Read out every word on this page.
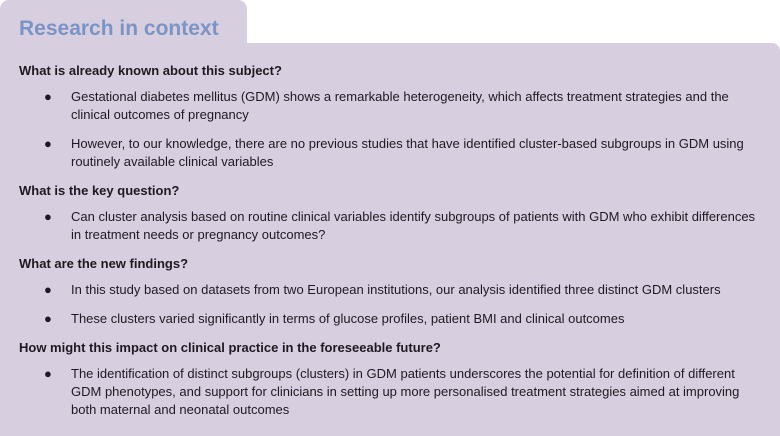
Research in context
What is already known about this subject?
● Gestational diabetes mellitus (GDM) shows a remarkable heterogeneity, which affects treatment strategies and the clinical outcomes of pregnancy
● However, to our knowledge, there are no previous studies that have identified cluster-based subgroups in GDM using routinely available clinical variables
What is the key question?
● Can cluster analysis based on routine clinical variables identify subgroups of patients with GDM who exhibit differences in treatment needs or pregnancy outcomes?
What are the new findings?
● In this study based on datasets from two European institutions, our analysis identified three distinct GDM clusters
● These clusters varied significantly in terms of glucose profiles, patient BMI and clinical outcomes
How might this impact on clinical practice in the foreseeable future?
● The identification of distinct subgroups (clusters) in GDM patients underscores the potential for definition of different GDM phenotypes, and support for clinicians in setting up more personalised treatment strategies aimed at improving both maternal and neonatal outcomes
